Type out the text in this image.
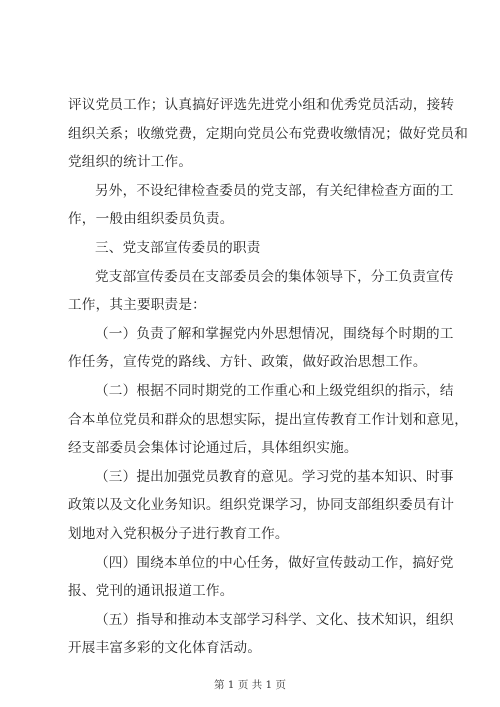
评议党员工作；认真搞好评选先进党小组和优秀党员活动，接转
组织关系；收缴党费，定期向党员公布党费收缴情况；做好党员和
党组织的统计工作。
另外，不设纪律检查委员的党支部，有关纪律检查方面的工
作，一般由组织委员负责。
三、党支部宣传委员的职责
党支部宣传委员在支部委员会的集体领导下，分工负责宣传
工作，其主要职责是：
（一）负责了解和掌握党内外思想情况，围绕每个时期的工
作任务，宣传党的路线、方针、政策，做好政治思想工作。
（二）根据不同时期党的工作重心和上级党组织的指示，结
合本单位党员和群众的思想实际，提出宣传教育工作计划和意见，
经支部委员会集体讨论通过后，具体组织实施。
（三）提出加强党员教育的意见。学习党的基本知识、时事
政策以及文化业务知识。组织党课学习，协同支部组织委员有计
划地对入党积极分子进行教育工作。
（四）围绕本单位的中心任务，做好宣传鼓动工作，搞好党
报、党刊的通讯报道工作。
（五）指导和推动本支部学习科学、文化、技术知识，组织
开展丰富多彩的文化体育活动。
第 1 页 共 1 页
